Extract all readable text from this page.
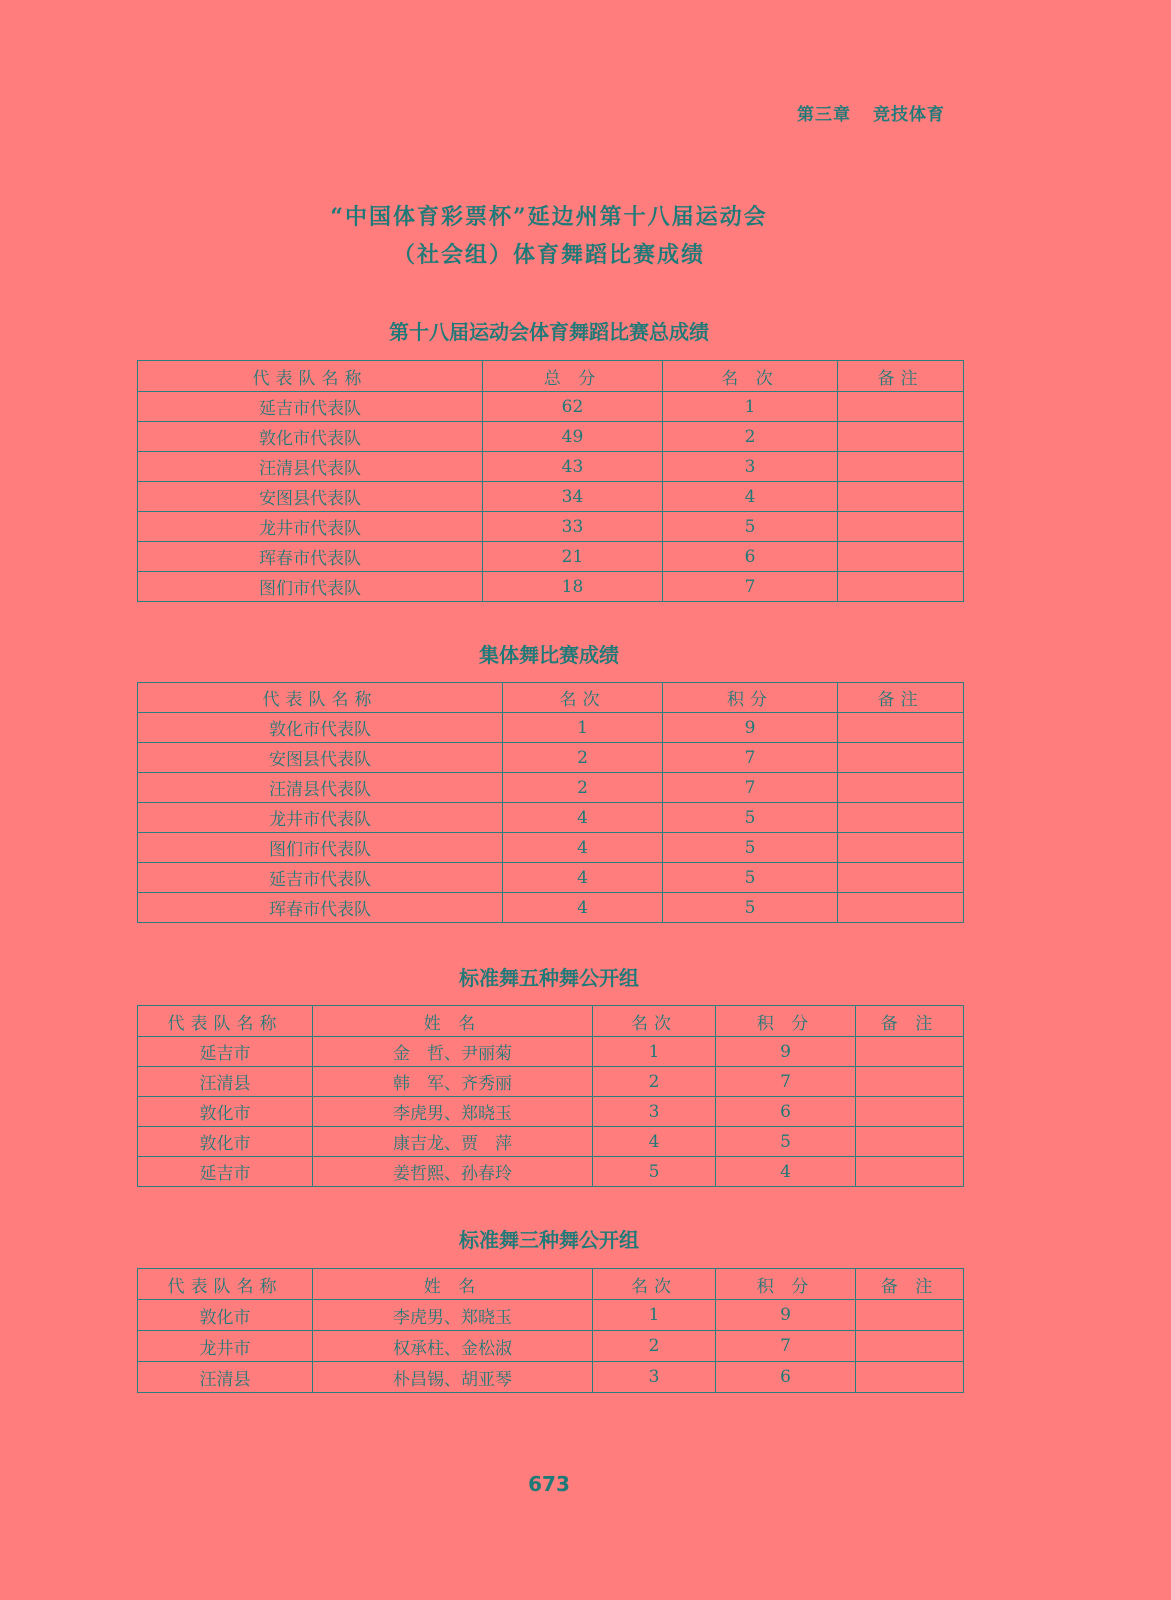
第三章 竞技体育
“中国体育彩票杯”延边州第十八届运动会
（社会组）体育舞蹈比赛成绩
第十八届运动会体育舞蹈比赛总成绩
代表队名称	总 分	名 次	备注
延吉市代表队	62	1	
敦化市代表队	49	2	
汪清县代表队	43	3	
安图县代表队	34	4	
龙井市代表队	33	5	
珲春市代表队	21	6	
图们市代表队	18	7	
集体舞比赛成绩
代表队名称	名次	积分	备注
敦化市代表队	1	9	
安图县代表队	2	7	
汪清县代表队	2	7	
龙井市代表队	4	5	
图们市代表队	4	5	
延吉市代表队	4	5	
珲春市代表队	4	5	
标准舞五种舞公开组
代表队名称	姓 名	名次	积 分	备 注
延吉市	金　哲、尹丽菊	1	9	
汪清县	韩　军、齐秀丽	2	7	
敦化市	李虎男、郑晓玉	3	6	
敦化市	康吉龙、贾　萍	4	5	
延吉市	姜哲熙、孙春玲	5	4	
标准舞三种舞公开组
代表队名称	姓 名	名次	积 分	备 注
敦化市	李虎男、郑晓玉	1	9	
龙井市	权承柱、金松淑	2	7	
汪清县	朴昌锡、胡亚琴	3	6	
673
